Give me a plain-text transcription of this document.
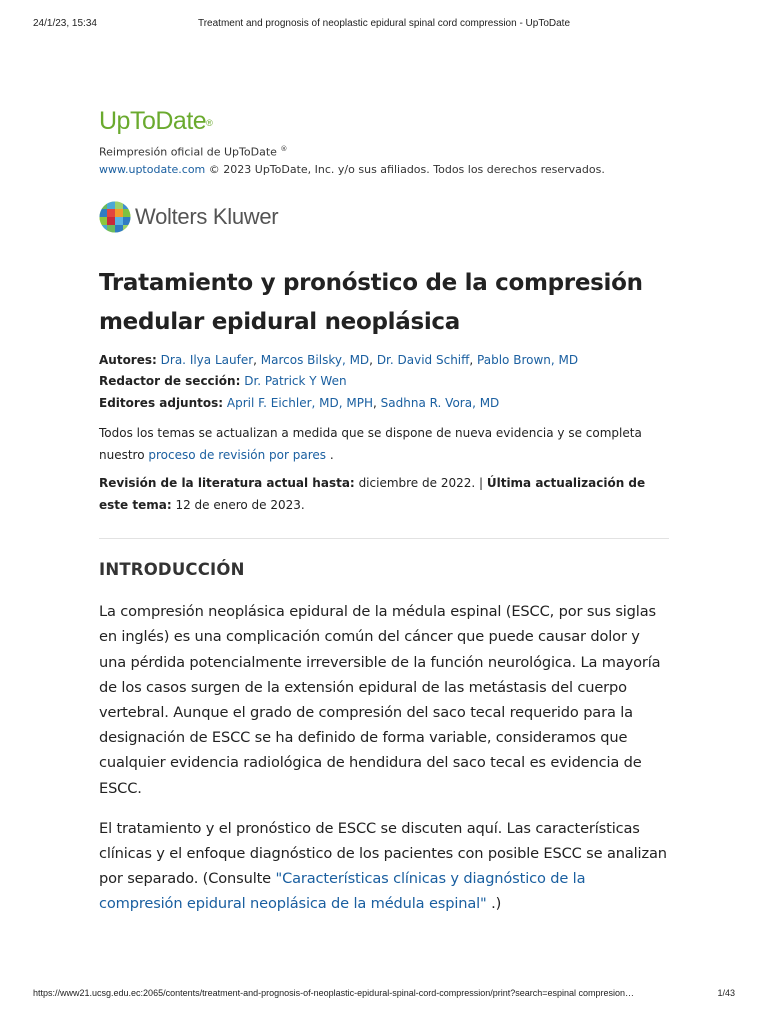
24/1/23, 15:34	Treatment and prognosis of neoplastic epidural spinal cord compression - UpToDate
UpToDate®
Reimpresión oficial de UpToDate ®
www.uptodate.com © 2023 UpToDate, Inc. y/o sus afiliados. Todos los derechos reservados.
Wolters Kluwer
Tratamiento y pronóstico de la compresión medular epidural neoplásica
Autores: Dra. Ilya Laufer, Marcos Bilsky, MD, Dr. David Schiff, Pablo Brown, MD
Redactor de sección: Dr. Patrick Y Wen
Editores adjuntos: April F. Eichler, MD, MPH, Sadhna R. Vora, MD
Todos los temas se actualizan a medida que se dispone de nueva evidencia y se completa nuestro proceso de revisión por pares .
Revisión de la literatura actual hasta: diciembre de 2022. | Última actualización de este tema: 12 de enero de 2023.
INTRODUCCIÓN

La compresión neoplásica epidural de la médula espinal (ESCC, por sus siglas en inglés) es una complicación común del cáncer que puede causar dolor y una pérdida potencialmente irreversible de la función neurológica. La mayoría de los casos surgen de la extensión epidural de las metástasis del cuerpo vertebral. Aunque el grado de compresión del saco tecal requerido para la designación de ESCC se ha definido de forma variable, consideramos que cualquier evidencia radiológica de hendidura del saco tecal es evidencia de ESCC.

El tratamiento y el pronóstico de ESCC se discuten aquí. Las características clínicas y el enfoque diagnóstico de los pacientes con posible ESCC se analizan por separado. (Consulte "Características clínicas y diagnóstico de la compresión epidural neoplásica de la médula espinal" .)

https://www21.ucsg.edu.ec:2065/contents/treatment-and-prognosis-of-neoplastic-epidural-spinal-cord-compression/print?search=espinal compresion…	1/43
